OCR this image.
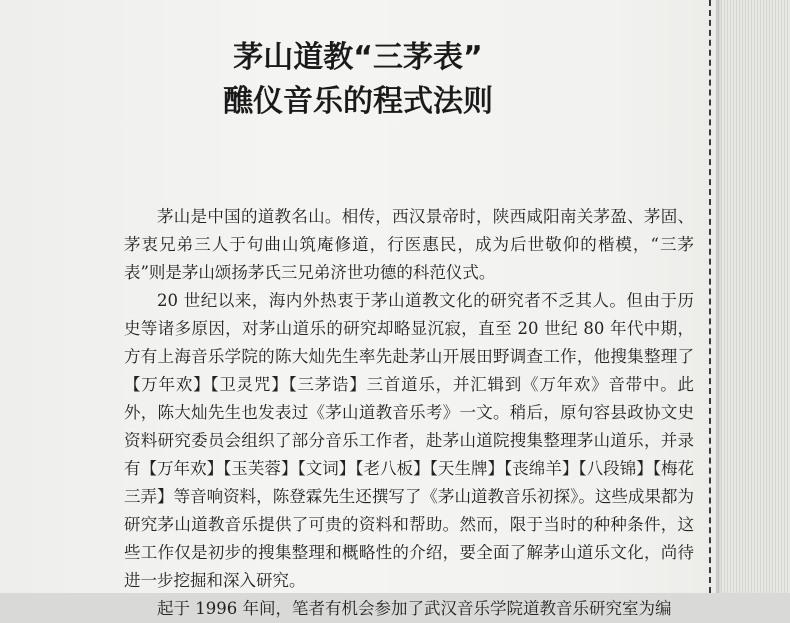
茅山道教“三茅表”
醮仪音乐的程式法则

茅山是中国的道教名山。相传，西汉景帝时，陕西咸阳南关茅盈、茅固、茅衷兄弟三人于句曲山筑庵修道，行医惠民，成为后世敬仰的楷模，“三茅表”则是茅山颂扬茅氏三兄弟济世功德的科范仪式。

20 世纪以来，海内外热衷于茅山道教文化的研究者不乏其人。但由于历史等诸多原因，对茅山道乐的研究却略显沉寂，直至 20 世纪 80 年代中期，方有上海音乐学院的陈大灿先生率先赴茅山开展田野调查工作，他搜集整理了【万年欢】【卫灵咒】【三茅诰】三首道乐，并汇辑到《万年欢》音带中。此外，陈大灿先生也发表过《茅山道教音乐考》一文。稍后，原句容县政协文史资料研究委员会组织了部分音乐工作者，赴茅山道院搜集整理茅山道乐，并录有【万年欢】【玉芙蓉】【文词】【老八板】【天生牌】【丧绵羊】【八段锦】【梅花三弄】等音响资料，陈登霖先生还撰写了《茅山道教音乐初探》。这些成果都为研究茅山道教音乐提供了可贵的资料和帮助。然而，限于当时的种种条件，这些工作仅是初步的搜集整理和概略性的介绍，要全面了解茅山道乐文化，尚待进一步挖掘和深入研究。

　　起于 1996 年间，笔者有机会参加了武汉音乐学院道教音乐研究室为编
